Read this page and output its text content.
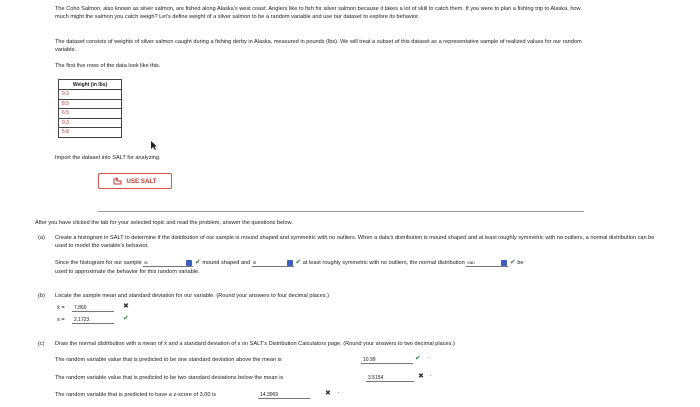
The Coho Salmon, also known as silver salmon, are fished along Alaska's west coast. Anglers like to fish for silver salmon because it takes a lot of skill to catch them. If you were to plan a fishing trip to Alaska, how much might the salmon you catch weigh? Let's define weight of a silver salmon to be a random variable and use our dataset to explore its behavior.

The dataset consists of weights of silver salmon caught during a fishing derby in Alaska, measured in pounds (lbs). We will treat a subset of this dataset as a representative sample of realized values for our random variable.

The first five rows of the data look like this.

Weight (in lbs)
9.2
8.5
6.5
9.3
5.8

Import the dataset into SALT for analyzing.

USE SALT

After you have clicked the tab for your selected topic and read the problem, answer the questions below.

(a) Create a histogram in SALT to determine if the distribution of our sample is mound shaped and symmetric with no outliers. When a data's distribution is mound shaped and at least roughly symmetric with no outliers, a normal distribution can be used to model the variable's behavior.

Since the histogram for our sample is	✔ mound shaped and is	✔ at least roughly symmetric with no outliers, the normal distribution can	✔ be

used to approximate the behavior for this random variable.

(b) Locate the sample mean and standard deviation for our variable. (Round your answers to four decimal places.)

x̄ =	7.860	✖
s =	2.1723	✔
(c) Draw the normal distribution with a mean of x̄ and a standard deviation of s on SALT's Distribution Calculators page. (Round your answers to two decimal places.)

The random variable value that is predicted to be one standard deviation above the mean is	10.99	✔ .
The random variable value that is predicted to be two standard deviations below the mean is	3.5154	✖ .
The random variable that is predicted to have a z-score of 3.00 is	14.3969	✖ .
